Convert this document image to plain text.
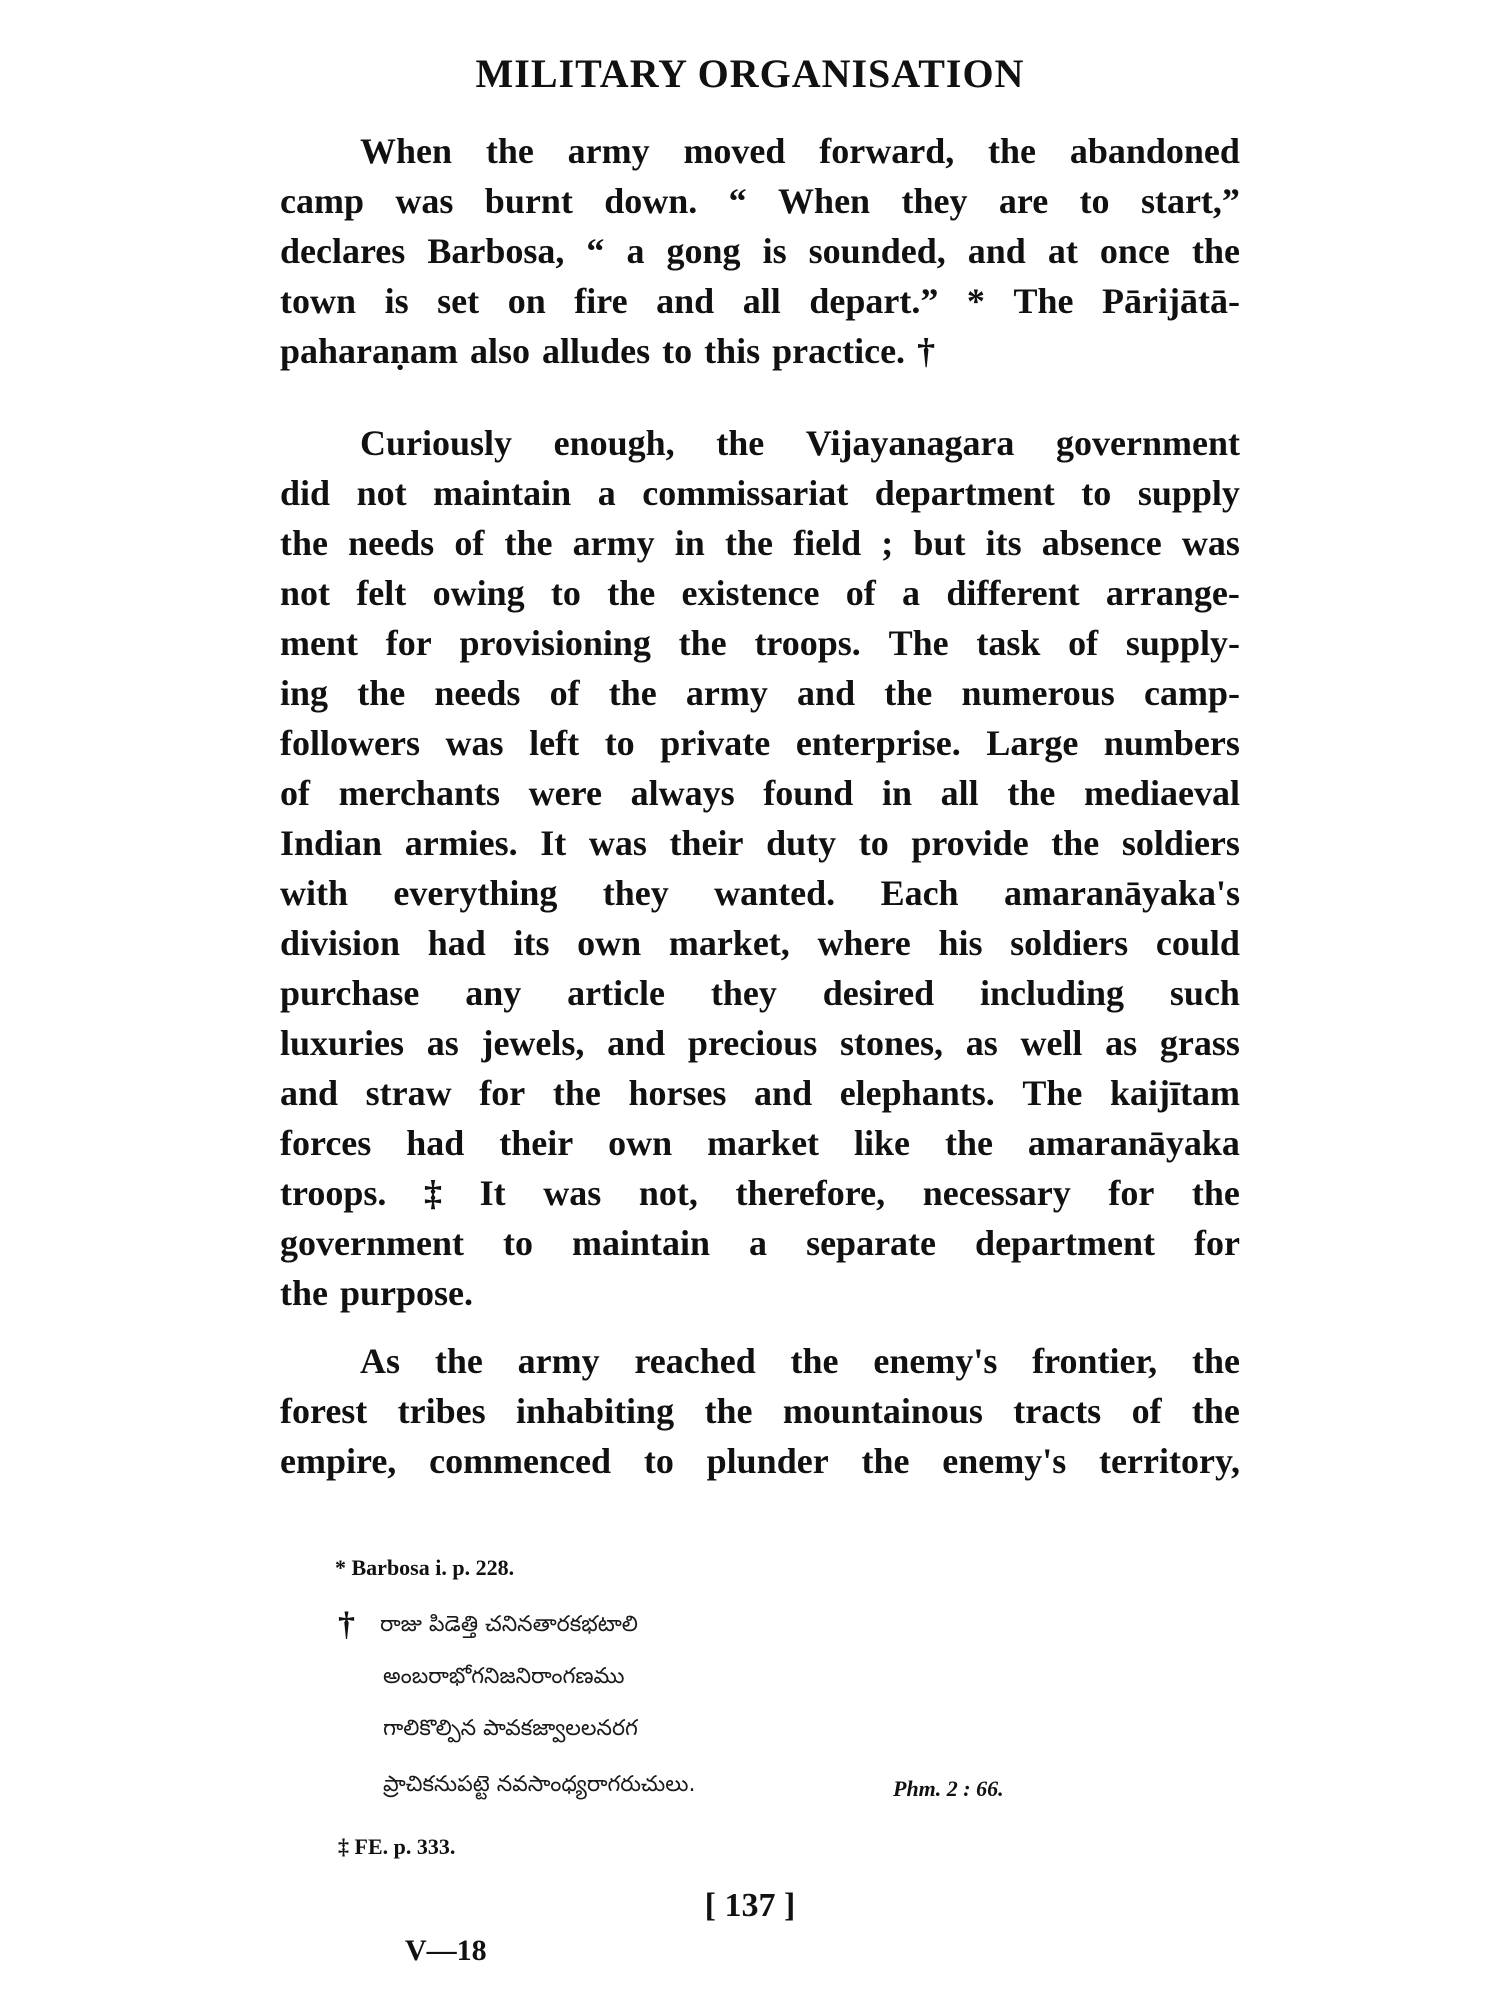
MILITARY ORGANISATION
When the army moved forward, the abandoned
camp was burnt down. “ When they are to start,”
declares Barbosa, “ a gong is sounded, and at once the
town is set on fire and all depart.” * The Pārijātā-
paharaṇam also alludes to this practice. †
Curiously enough, the Vijayanagara government
did not maintain a commissariat department to supply
the needs of the army in the field ; but its absence was
not felt owing to the existence of a different arrange-
ment for provisioning the troops. The task of supply-
ing the needs of the army and the numerous camp-
followers was left to private enterprise. Large numbers
of merchants were always found in all the mediaeval
Indian armies. It was their duty to provide the soldiers
with everything they wanted. Each amaranāyaka's
division had its own market, where his soldiers could
purchase any article they desired including such
luxuries as jewels, and precious stones, as well as grass
and straw for the horses and elephants. The kaijītam
forces had their own market like the amaranāyaka
troops. ‡ It was not, therefore, necessary for the
government to maintain a separate department for
the purpose.
As the army reached the enemy's frontier, the
forest tribes inhabiting the mountainous tracts of the
empire, commenced to plunder the enemy's territory,
* Barbosa i. p. 228.
† రాజు పిడెత్తి చనినతారకభటాలి
అంబరాభోగనిజనిరాంగణము
గాలికొల్పిన పావకజ్వాలలనరగ
ప్రాచికనుపట్టె నవసాంధ్యరాగరుచులు.	Phm. 2 : 66.
‡ FE. p. 333.
[ 137 ]
V—18
